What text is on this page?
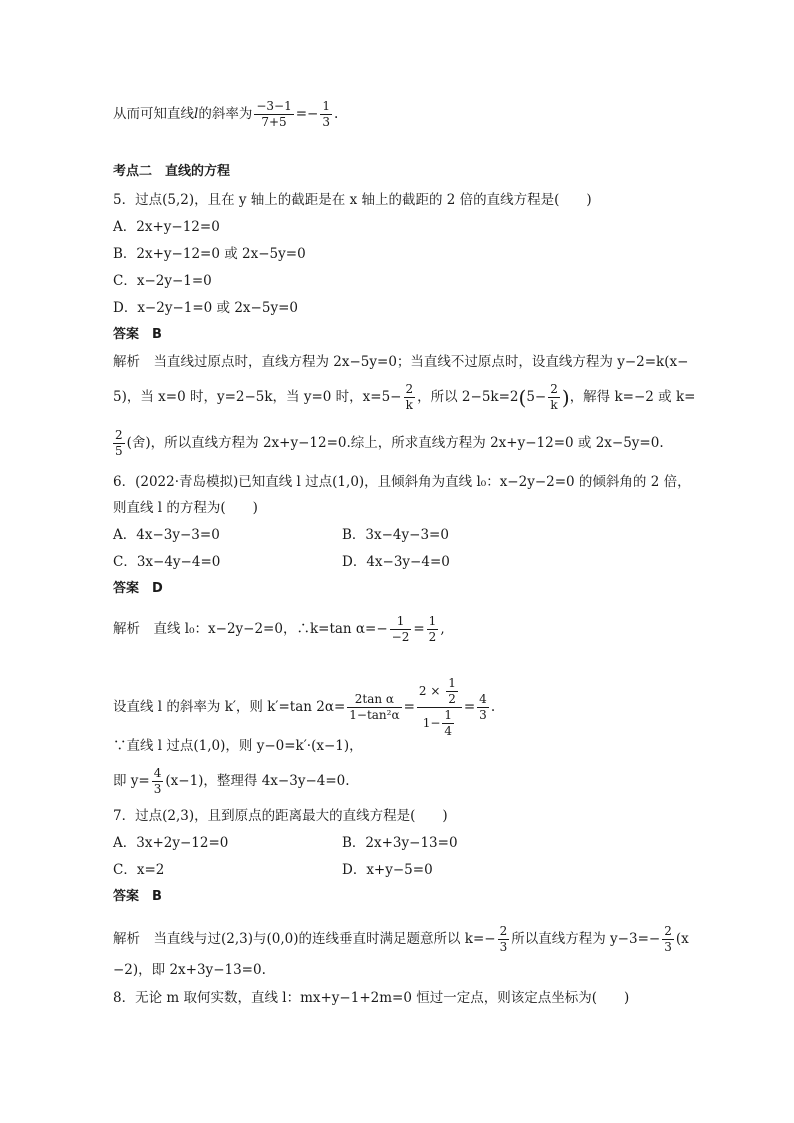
从而可知直线l的斜率为 $\frac{-3-1}{7+5} =- \frac{1}{3}$ .
考点二　直线的方程
5．过点(5,2)，且在 y 轴上的截距是在 x 轴上的截距的 2 倍的直线方程是(　　)
A．2x+y−12=0
B．2x+y−12=0 或 2x−5y=0
C．x−2y−1=0
D．x−2y−1=0 或 2x−5y=0
答案　B
解析　当直线过原点时，直线方程为 2x−5y=0；当直线不过原点时，设直线方程为 y−2=k(x−
5)，当 x=0 时，y=2−5k，当 y=0 时，$x=5- \frac{2}{k}$ ，所以 $2-5k=2(5- \frac{2}{k}$ )，解得 k=−2 或 k=
$\frac{2}{5}$ (舍)，所以直线方程为 2x+y−12=0.综上，所求直线方程为 2x+y−12=0 或 2x−5y=0.
6．(2022·青岛模拟)已知直线 l 过点(1,0)，且倾斜角为直线 l₀：x−2y−2=0 的倾斜角的 2 倍，
则直线 l 的方程为(　　)
A．4x−3y−3=0	B．3x−4y−3=0
C．3x−4y−4=0	D．4x−3y−4=0
答案　D
解析　直线 l₀：x−2y−2=0，∴k=tan $\alpha=- \frac{1}{-2} = \frac{1}{2}$ ,
设直线 l 的斜率为 k′，则 k′=tan $2\alpha= \frac{\text{2tan α}}{\text{1−tan²α}} = \frac{2 \times \frac{1}{2}}{1- \frac{1}{4}} = \frac{4}{3}$ .
∵直线 l 过点(1,0)，则 y−0=k′·(x−1)，
即 $y= \frac{4}{3} (x-1)$，整理得 4x−3y−4=0.
7．过点(2,3)，且到原点的距离最大的直线方程是(　　)
A．3x+2y−12=0	B．2x+3y−13=0
C．x=2	D．x+y−5=0
答案　B
解析　当直线与过(2,3)与(0,0)的连线垂直时满足题意所以 $k=- \frac{2}{3}$ 所以直线方程为 $y-3=- \frac{2}{3} (x$
−2)，即 2x+3y−13=0.
8．无论 m 取何实数，直线 l：mx+y−1+2m=0 恒过一定点，则该定点坐标为(　　)
